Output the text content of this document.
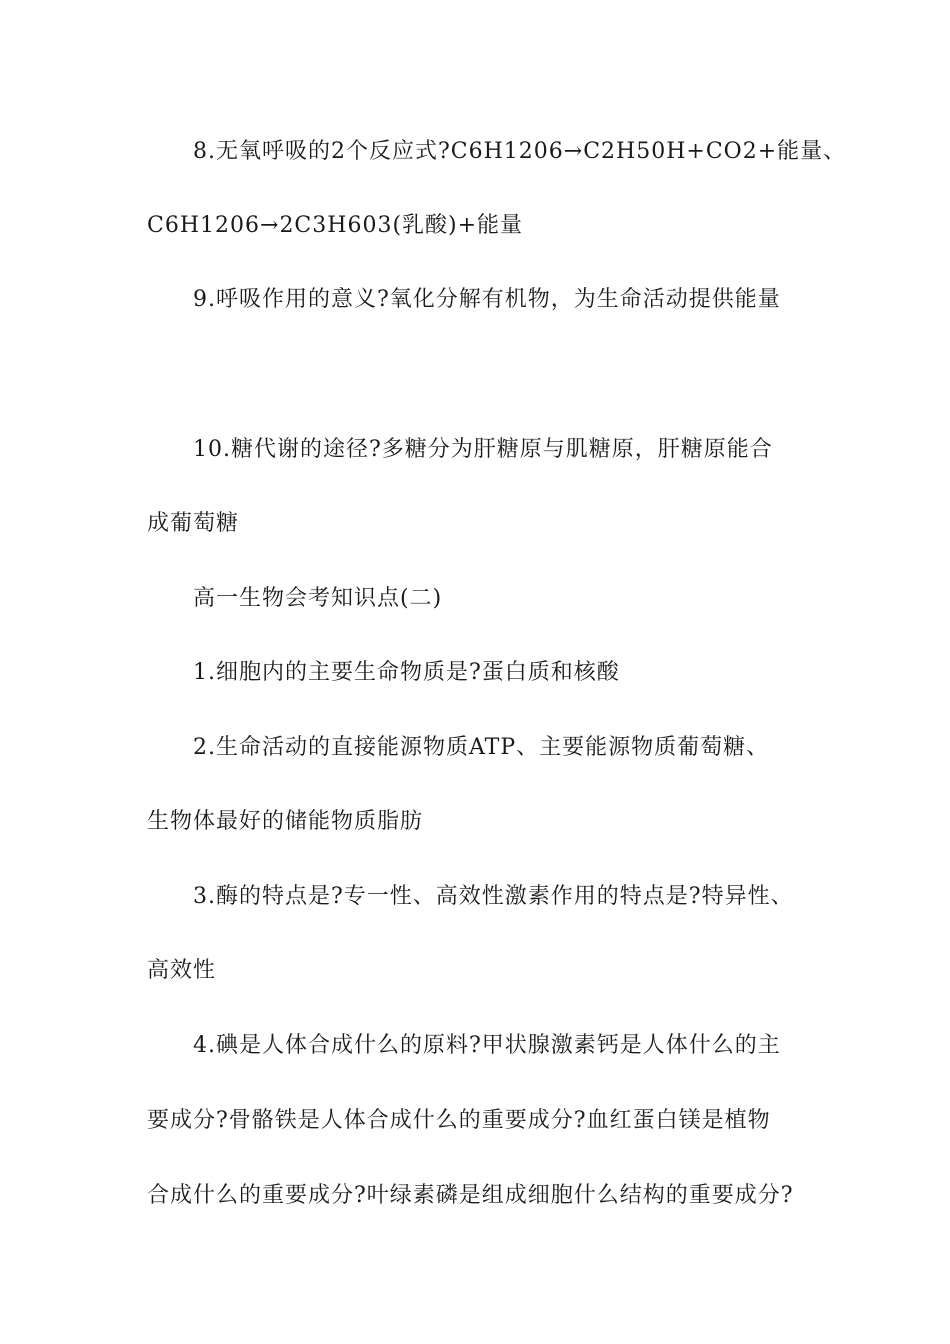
8.无氧呼吸的2个反应式?C6H1206→C2H50H+CO2+能量、
C6H1206→2C3H603(乳酸)+能量
9.呼吸作用的意义?氧化分解有机物，为生命活动提供能量
10.糖代谢的途径?多糖分为肝糖原与肌糖原，肝糖原能合
成葡萄糖
高一生物会考知识点(二)
1.细胞内的主要生命物质是?蛋白质和核酸
2.生命活动的直接能源物质ATP、主要能源物质葡萄糖、
生物体最好的储能物质脂肪
3.酶的特点是?专一性、高效性激素作用的特点是?特异性、
高效性
4.碘是人体合成什么的原料?甲状腺激素钙是人体什么的主
要成分?骨骼铁是人体合成什么的重要成分?血红蛋白镁是植物
合成什么的重要成分?叶绿素磷是组成细胞什么结构的重要成分?
